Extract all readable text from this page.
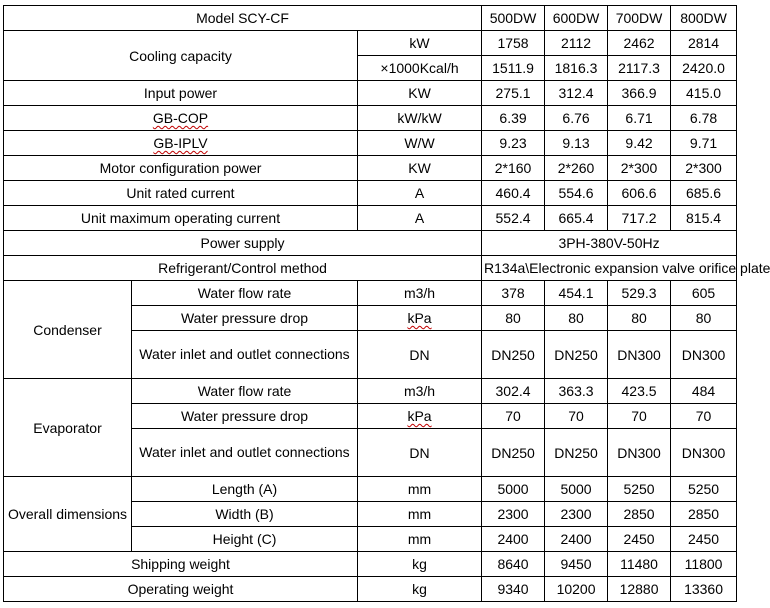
Model SCY-CF			500DW	600DW	700DW	800DW
Cooling capacity		kW	1758	2112	2462	2814
		×1000Kcal/h	1511.9	1816.3	2117.3	2420.0
Input power		KW	275.1	312.4	366.9	415.0
GB-COP		kW/kW	6.39	6.76	6.71	6.78
GB-IPLV		W/W	9.23	9.13	9.42	9.71
Motor configuration power		KW	2*160	2*260	2*300	2*300
Unit rated current		A	460.4	554.6	606.6	685.6
Unit maximum operating current		A	552.4	665.4	717.2	815.4
Power supply			3PH-380V-50Hz			
Refrigerant/Control method			R134a\Electronic expansion valve orifice plate			
Condenser	Water flow rate	m3/h	378	454.1	529.3	605
	Water pressure drop	kPa	80	80	80	80
	Water inlet and outlet connections	DN	DN250	DN250	DN300	DN300
Evaporator	Water flow rate	m3/h	302.4	363.3	423.5	484
	Water pressure drop	kPa	70	70	70	70
	Water inlet and outlet connections	DN	DN250	DN250	DN300	DN300
Overall dimensions	Length (A)	mm	5000	5000	5250	5250
	Width (B)	mm	2300	2300	2850	2850
	Height (C)	mm	2400	2400	2450	2450
Shipping weight		kg	8640	9450	11480	11800
Operating weight		kg	9340	10200	12880	13360
